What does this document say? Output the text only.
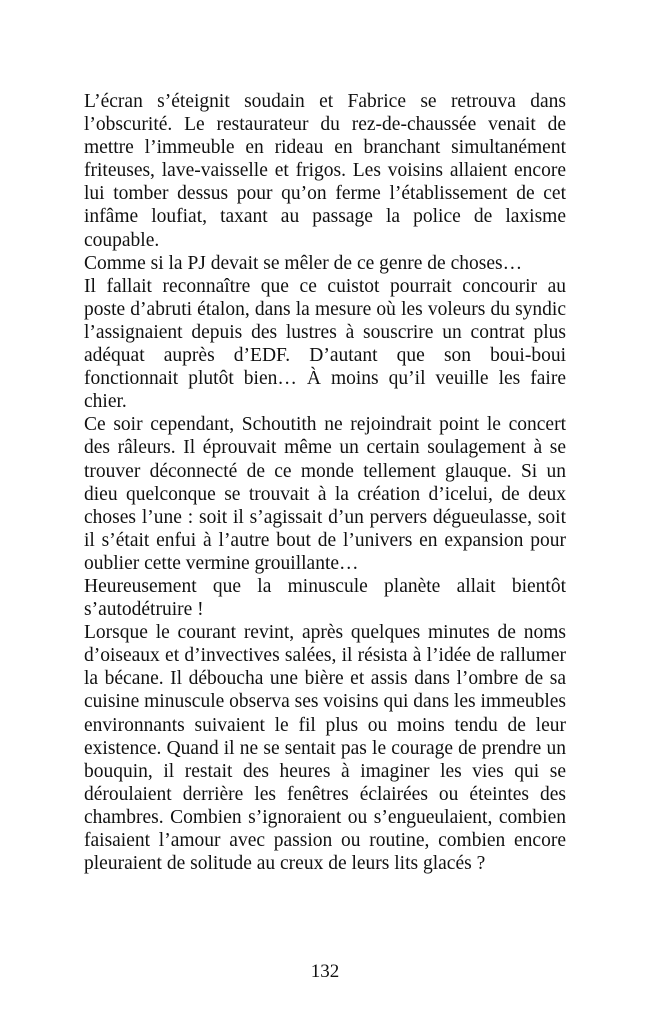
L’écran s’éteignit soudain et Fabrice se retrouva dans l’obscurité. Le restaurateur du rez-de-chaussée venait de mettre l’immeuble en rideau en branchant simultanément friteuses, lave-vaisselle et frigos. Les voisins allaient encore lui tomber dessus pour qu’on ferme l’établissement de cet infâme loufiat, taxant au passage la police de laxisme coupable.

Comme si la PJ devait se mêler de ce genre de choses…

Il fallait reconnaître que ce cuistot pourrait concourir au poste d’abruti étalon, dans la mesure où les voleurs du syndic l’assignaient depuis des lustres à souscrire un contrat plus adéquat auprès d’EDF. D’autant que son boui-boui fonctionnait plutôt bien… À moins qu’il veuille les faire chier.

Ce soir cependant, Schoutith ne rejoindrait point le concert des râleurs. Il éprouvait même un certain soulagement à se trouver déconnecté de ce monde tellement glauque. Si un dieu quelconque se trouvait à la création d’icelui, de deux choses l’une : soit il s’agissait d’un pervers dégueulasse, soit il s’était enfui à l’autre bout de l’univers en expansion pour oublier cette vermine grouillante…

Heureusement que la minuscule planète allait bientôt s’autodétruire !

Lorsque le courant revint, après quelques minutes de noms d’oiseaux et d’invectives salées, il résista à l’idée de rallumer la bécane. Il déboucha une bière et assis dans l’ombre de sa cuisine minuscule observa ses voisins qui dans les immeubles environnants suivaient le fil plus ou moins tendu de leur existence. Quand il ne se sentait pas le courage de prendre un bouquin, il restait des heures à imaginer les vies qui se déroulaient derrière les fenêtres éclairées ou éteintes des chambres. Combien s’ignoraient ou s’engueulaient, combien faisaient l’amour avec passion ou routine, combien encore pleuraient de solitude au creux de leurs lits glacés ?

132
